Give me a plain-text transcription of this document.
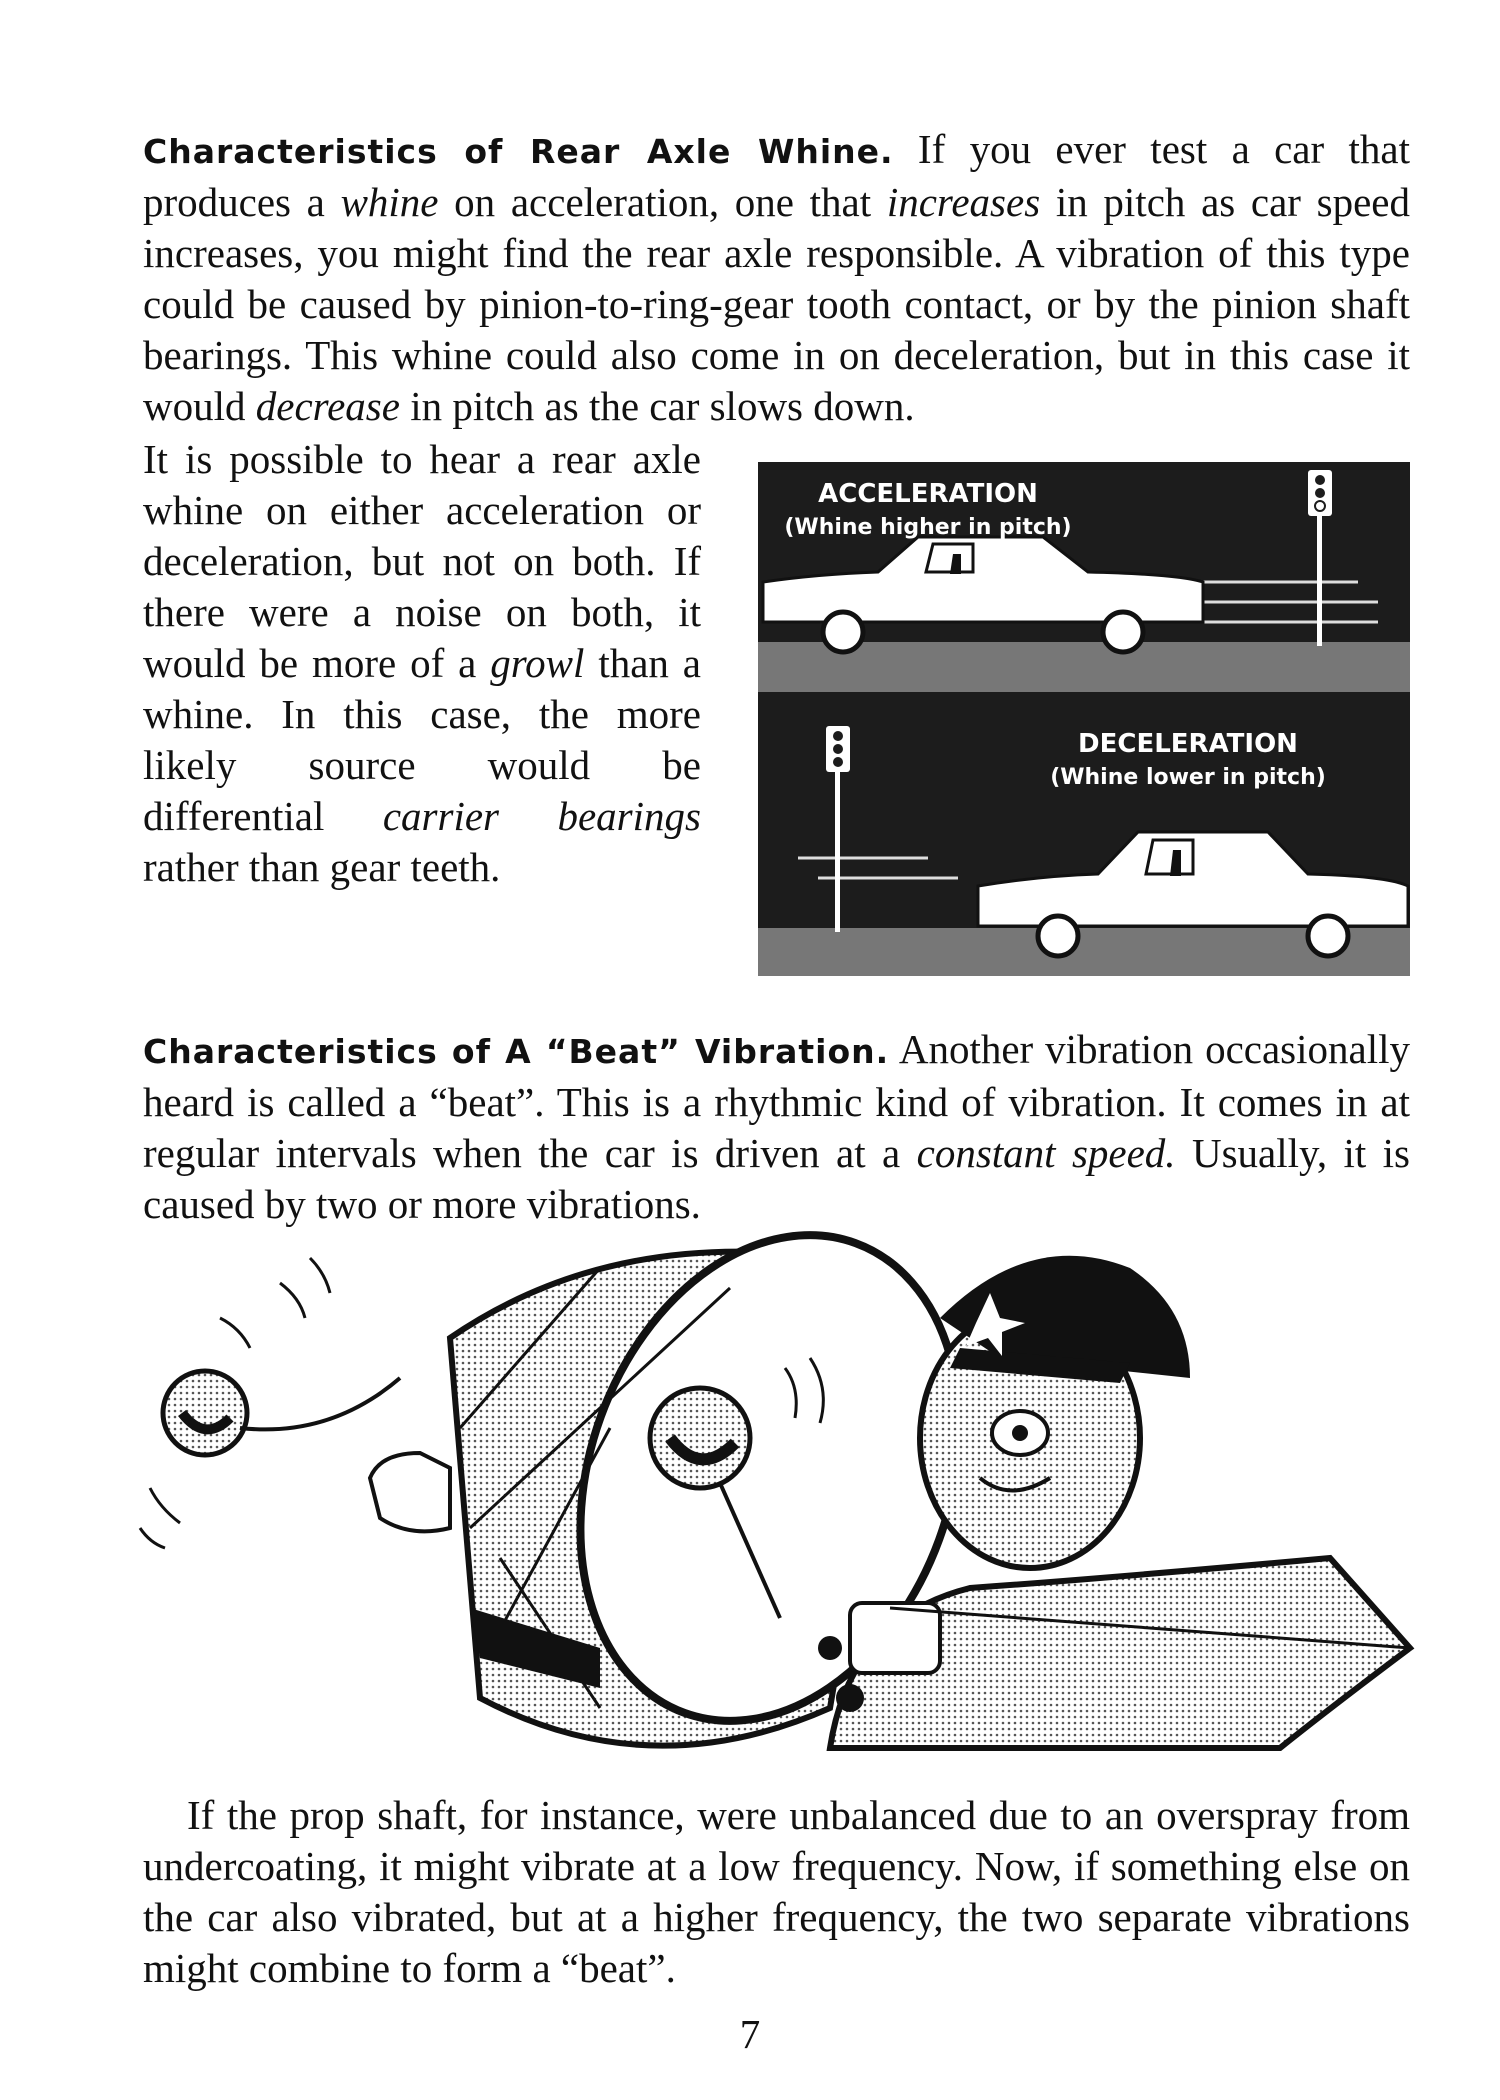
Characteristics of Rear Axle Whine. If you ever test a car that produces a whine on acceleration, one that increases in pitch as car speed increases, you might find the rear axle responsible. A vibration of this type could be caused by pinion-to-ring-gear tooth contact, or by the pinion shaft bearings. This whine could also come in on deceleration, but in this case it would decrease in pitch as the car slows down.

It is possible to hear a rear axle whine on either acceleration or deceleration, but not on both. If there were a noise on both, it would be more of a growl than a whine. In this case, the more likely source would be differential carrier bearings rather than gear teeth.

ACCELERATION
(Whine higher in pitch)
DECELERATION
(Whine lower in pitch)

Characteristics of A “Beat” Vibration. Another vibration occasionally heard is called a “beat”. This is a rhythmic kind of vibration. It comes in at regular intervals when the car is driven at a constant speed. Usually, it is caused by two or more vibrations.

If the prop shaft, for instance, were unbalanced due to an overspray from undercoating, it might vibrate at a low frequency. Now, if something else on the car also vibrated, but at a higher frequency, the two separate vibrations might combine to form a “beat”.

7
